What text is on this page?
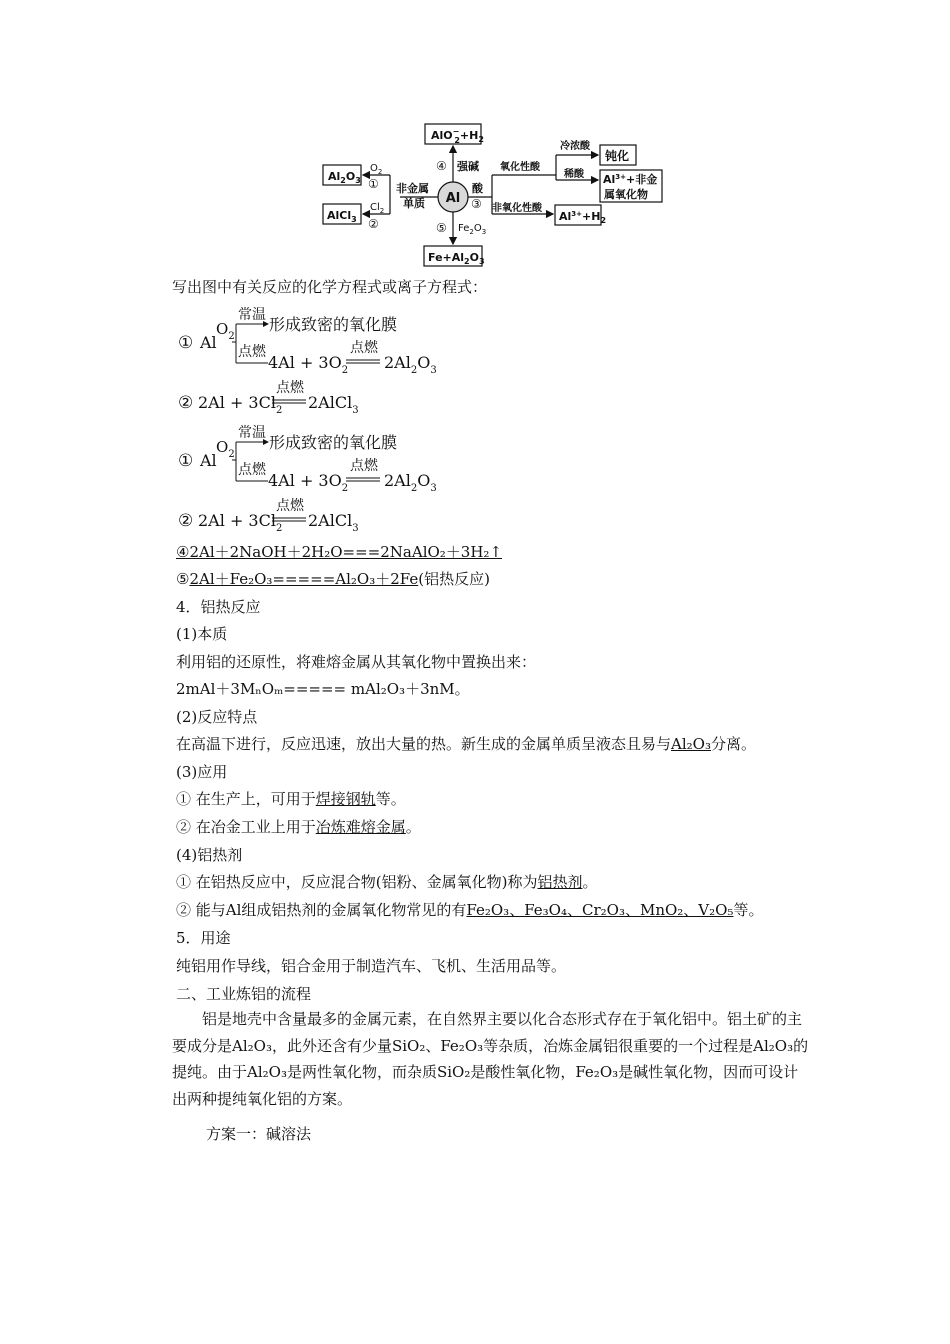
Al
AlO− $2+H_2$
④ 强碱
非金属
单质
$Al_2O_3$
$O_2$
①
AlCl$_3$
$Cl_2$
②
酸
③
氧化性酸
冷浓酸
钝化
稀酸 $Al^{3+}+$非金
属氧化物
非氧化性酸
$Al^{3+}+H_2$
⑤ $Fe_2O_3$
$Fe+Al_2O_3$
写出图中有关反应的化学方程式或离子方程式：
① Al
$O_2$
常温 形成致密的氧化膜
点燃
$4Al + 3O_2$
点燃
$2Al_2O_3$
② $2Al + 3Cl_2$
点燃
2AlCl$_3$
① Al
$O_2$
常温 形成致密的氧化膜
点燃
$4Al + 3O_2$
点燃
$2Al_2O_3$
② $2Al + 3Cl_2$
点燃
2AlCl$_3$
④2Al＋2NaOH＋2H₂O===2NaAlO₂＋3H₂↑
⑤2Al＋Fe₂O₃=====Al₂O₃＋2Fe(铝热反应)
4．铝热反应
(1)本质
利用铝的还原性，将难熔金属从其氧化物中置换出来：
2mAl＋3MₙOₘ===== mAl₂O₃＋3nM。
(2)反应特点
在高温下进行，反应迅速，放出大量的热。新生成的金属单质呈液态且易与Al₂O₃分离。
(3)应用
① 在生产上，可用于焊接钢轨等。
② 在冶金工业上用于冶炼难熔金属。
(4)铝热剂
① 在铝热反应中，反应混合物(铝粉、金属氧化物)称为铝热剂。
② 能与Al组成铝热剂的金属氧化物常见的有Fe₂O₃、Fe₃O₄、Cr₂O₃、MnO₂、V₂O₅等。
5．用途
纯铝用作导线，铝合金用于制造汽车、飞机、生活用品等。
二、工业炼铝的流程
铝是地壳中含量最多的金属元素，在自然界主要以化合态形式存在于氧化铝中。铝土矿的主要成分是Al₂O₃，此外还含有少量SiO₂、Fe₂O₃等杂质，冶炼金属铝很重要的一个过程是Al₂O₃的提纯。由于Al₂O₃是两性氧化物，而杂质SiO₂是酸性氧化物，Fe₂O₃是碱性氧化物，因而可设计出两种提纯氧化铝的方案。
方案一：碱溶法
